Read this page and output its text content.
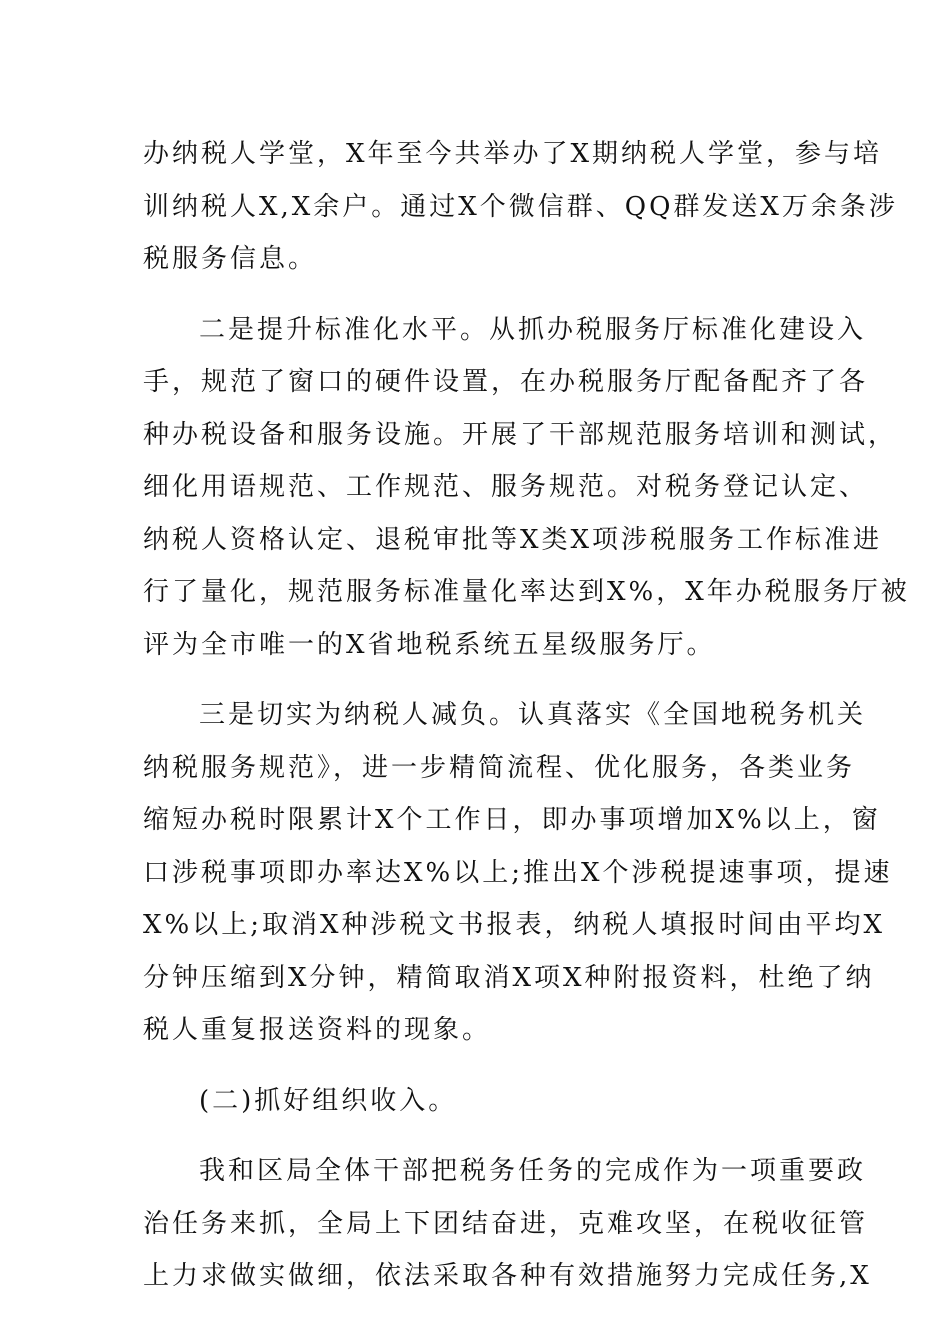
办纳税人学堂，X年至今共举办了X期纳税人学堂，参与培
训纳税人X,X余户。通过X个微信群、QQ群发送X万余条涉
税服务信息。
二是提升标准化水平。从抓办税服务厅标准化建设入
手，规范了窗口的硬件设置，在办税服务厅配备配齐了各
种办税设备和服务设施。开展了干部规范服务培训和测试，
细化用语规范、工作规范、服务规范。对税务登记认定、
纳税人资格认定、退税审批等X类X项涉税服务工作标准进
行了量化，规范服务标准量化率达到X%，X年办税服务厅被
评为全市唯一的X省地税系统五星级服务厅。
三是切实为纳税人减负。认真落实《全国地税务机关
纳税服务规范》，进一步精简流程、优化服务，各类业务
缩短办税时限累计X个工作日，即办事项增加X%以上，窗
口涉税事项即办率达X%以上;推出X个涉税提速事项，提速
X%以上;取消X种涉税文书报表，纳税人填报时间由平均X
分钟压缩到X分钟，精简取消X项X种附报资料，杜绝了纳
税人重复报送资料的现象。
(二)抓好组织收入。
我和区局全体干部把税务任务的完成作为一项重要政
治任务来抓，全局上下团结奋进，克难攻坚，在税收征管
上力求做实做细，依法采取各种有效措施努力完成任务,X
